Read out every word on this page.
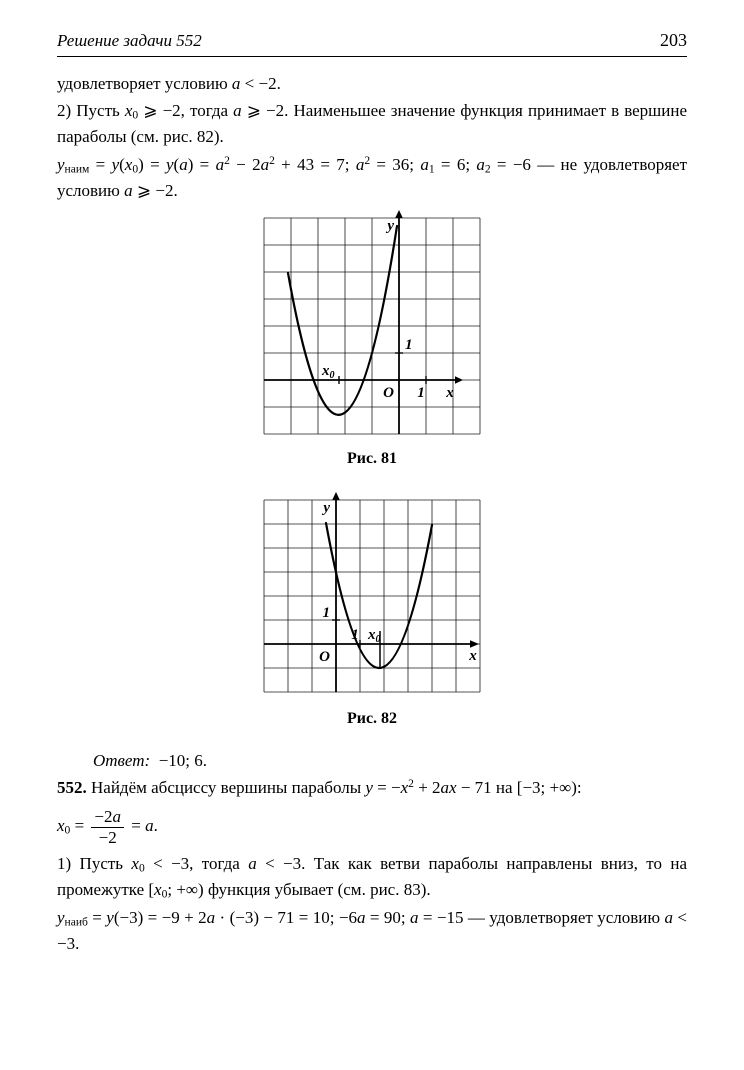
Решение задачи 552	203

удовлетворяет условию a < −2.

2) Пусть $x_0$ ⩾ −2, тогда a ⩾ −2. Наименьшее значение функция принимает в вершине параболы (см. рис. 82).

$y_{наим} = y(x_0) = y(a) = a^2 - 2a^2 + 43 = 7$; $a^2 = 36$; $a_1 = 6$; $a_2 = -6$ — не удовлетворяет условию a ⩾ −2.

y
1
$x_0$
O 1 x
Рис. 81
y
1
1 $x_0$
O	x
Рис. 82

Ответ:  −10; 6.

552. Найдём абсциссу вершины параболы $y = -x^2 + 2ax - 71$ на [−3; +∞):

$x_0 = \frac{-2a}{-2} = a$.

1) Пусть $x_0 < -3$, тогда a < −3. Так как ветви параболы направлены вниз, то на промежутке [$x_0$; +∞) функция убывает (см. рис. 83).

$y_{наиб} = y(-3) = -9 + 2a \cdot (-3) - 71 = 10$; −6a = 90; a = −15 — удовлетворяет условию a < −3.
